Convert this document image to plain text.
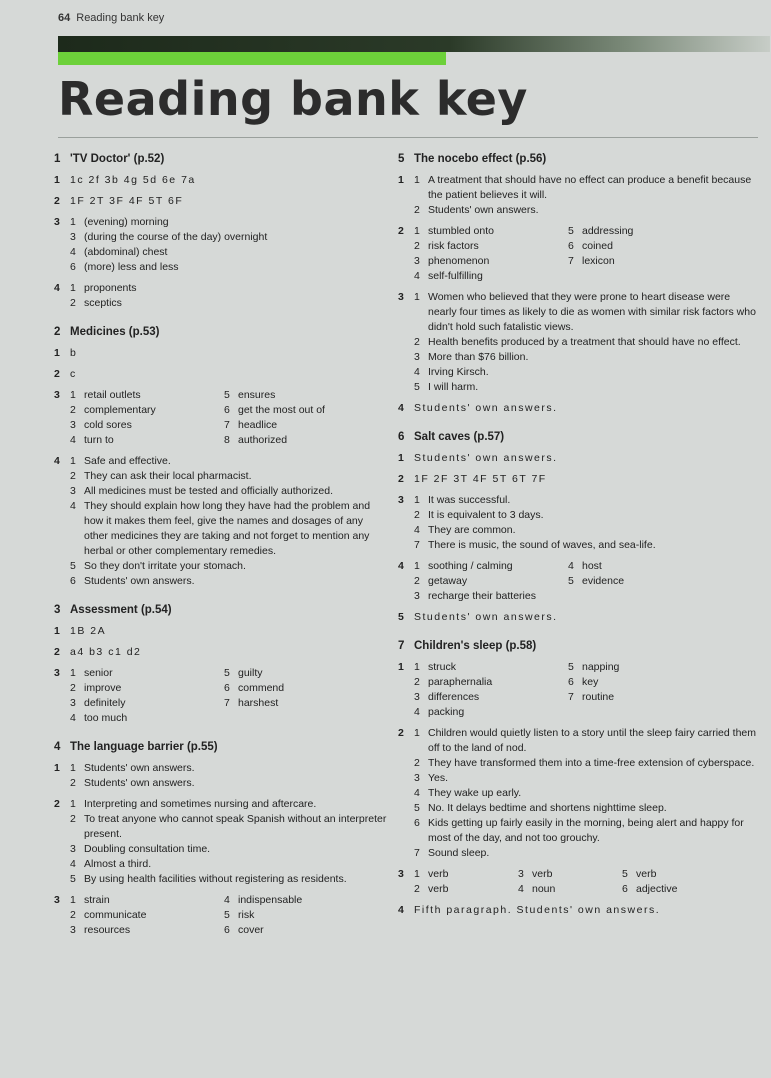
64 Reading bank key
Reading bank key
1 'TV Doctor' (p.52)
1 1c 2f 3b 4g 5d 6e 7a
2 1F 2T 3F 4F 5T 6F
3 1 (evening) morning
3 (during the course of the day) overnight
4 (abdominal) chest
6 (more) less and less
4 1 proponents
2 sceptics
2 Medicines (p.53)
1 b
2 c
3 1 retail outlets	5 ensures
2 complementary	6 get the most out of
3 cold sores	7 headlice
4 turn to	8 authorized
4 1 Safe and effective.
2 They can ask their local pharmacist.
3 All medicines must be tested and officially authorized.
4 They should explain how long they have had the problem and how it makes them feel, give the names and dosages of any other medicines they are taking and not forget to mention any herbal or other complementary remedies.
5 So they don't irritate your stomach.
6 Students' own answers.
3 Assessment (p.54)
1 1B 2A
2 a4 b3 c1 d2
3 1 senior	5 guilty
2 improve	6 commend
3 definitely	7 harshest
4 too much
4 The language barrier (p.55)
1 1 Students' own answers.
2 Students' own answers.
2 1 Interpreting and sometimes nursing and aftercare.
2 To treat anyone who cannot speak Spanish without an interpreter present.
3 Doubling consultation time.
4 Almost a third.
5 By using health facilities without registering as residents.
3 1 strain	4 indispensable
2 communicate	5 risk
3 resources	6 cover
5 The nocebo effect (p.56)
1 1 A treatment that should have no effect can produce a benefit because the patient believes it will.
2 Students' own answers.
2 1 stumbled onto	5 addressing
2 risk factors	6 coined
3 phenomenon	7 lexicon
4 self-fulfilling
3 1 Women who believed that they were prone to heart disease were nearly four times as likely to die as women with similar risk factors who didn't hold such fatalistic views.
2 Health benefits produced by a treatment that should have no effect.
3 More than $76 billion.
4 Irving Kirsch.
5 I will harm.
4 Students' own answers.
6 Salt caves (p.57)
1 Students' own answers.
2 1F 2F 3T 4F 5T 6T 7F
3 1 It was successful.
2 It is equivalent to 3 days.
4 They are common.
7 There is music, the sound of waves, and sea-life.
4 1 soothing / calming	4 host
2 getaway	5 evidence
3 recharge their batteries
5 Students' own answers.
7 Children's sleep (p.58)
1 1 struck	5 napping
2 paraphernalia	6 key
3 differences	7 routine
4 packing
2 1 Children would quietly listen to a story until the sleep fairy carried them off to the land of nod.
2 They have transformed them into a time-free extension of cyberspace.
3 Yes.
4 They wake up early.
5 No. It delays bedtime and shortens nighttime sleep.
6 Kids getting up fairly easily in the morning, being alert and happy for most of the day, and not too grouchy.
7 Sound sleep.
3 1 verb	3 verb	5 verb
2 verb	4 noun	6 adjective
4 Fifth paragraph. Students' own answers.
